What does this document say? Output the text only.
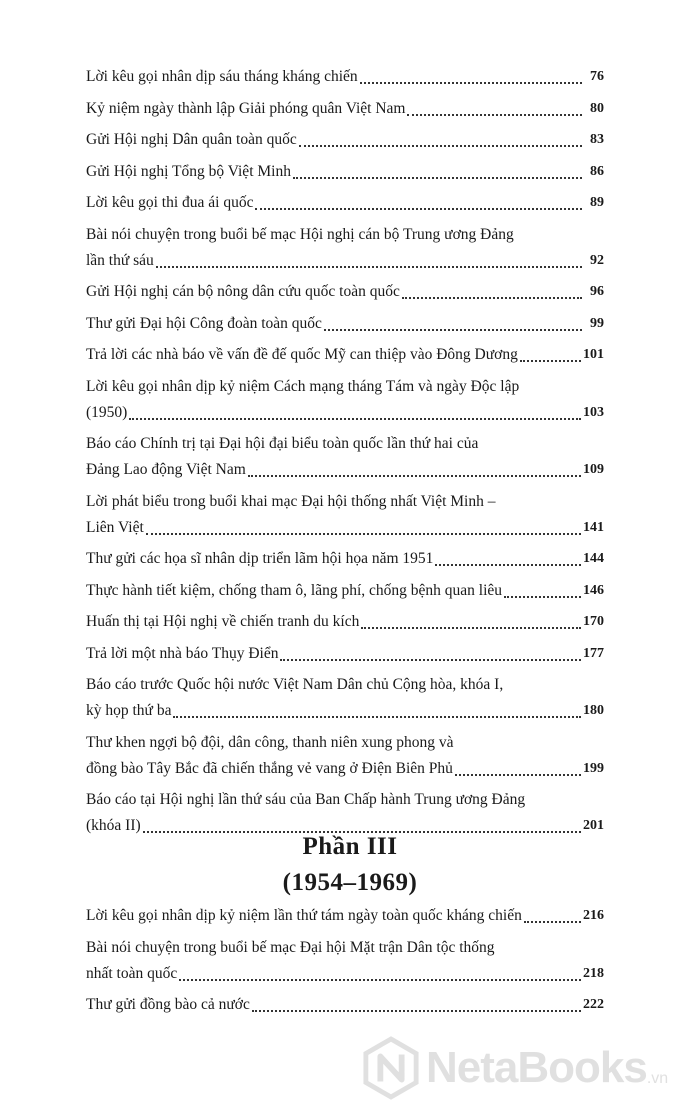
Lời kêu gọi nhân dịp sáu tháng kháng chiến	76
Kỷ niệm ngày thành lập Giải phóng quân Việt Nam	80
Gửi Hội nghị Dân quân toàn quốc	83
Gửi Hội nghị Tổng bộ Việt Minh	86
Lời kêu gọi thi đua ái quốc	89
Bài nói chuyện trong buổi bế mạc Hội nghị cán bộ Trung ương Đảng
lần thứ sáu	92
Gửi Hội nghị cán bộ nông dân cứu quốc toàn quốc	96
Thư gửi Đại hội Công đoàn toàn quốc	99
Trả lời các nhà báo về vấn đề đế quốc Mỹ can thiệp vào Đông Dương	101
Lời kêu gọi nhân dịp kỷ niệm Cách mạng tháng Tám và ngày Độc lập
(1950)	103
Báo cáo Chính trị tại Đại hội đại biểu toàn quốc lần thứ hai của
Đảng Lao động Việt Nam	109
Lời phát biểu trong buổi khai mạc Đại hội thống nhất Việt Minh –
Liên Việt	141
Thư gửi các họa sĩ nhân dịp triển lãm hội họa năm 1951	144
Thực hành tiết kiệm, chống tham ô, lãng phí, chống bệnh quan liêu	146
Huấn thị tại Hội nghị về chiến tranh du kích	170
Trả lời một nhà báo Thụy Điển	177
Báo cáo trước Quốc hội nước Việt Nam Dân chủ Cộng hòa, khóa I,
kỳ họp thứ ba	180
Thư khen ngợi bộ đội, dân công, thanh niên xung phong và
đồng bào Tây Bắc đã chiến thắng vẻ vang ở Điện Biên Phủ	199
Báo cáo tại Hội nghị lần thứ sáu của Ban Chấp hành Trung ương Đảng
(khóa II)	201
Phần III
(1954–1969)
Lời kêu gọi nhân dịp kỷ niệm lần thứ tám ngày toàn quốc kháng chiến	216
Bài nói chuyện trong buổi bế mạc Đại hội Mặt trận Dân tộc thống
nhất toàn quốc	218
Thư gửi đồng bào cả nước	222
NetaBooks .vn
